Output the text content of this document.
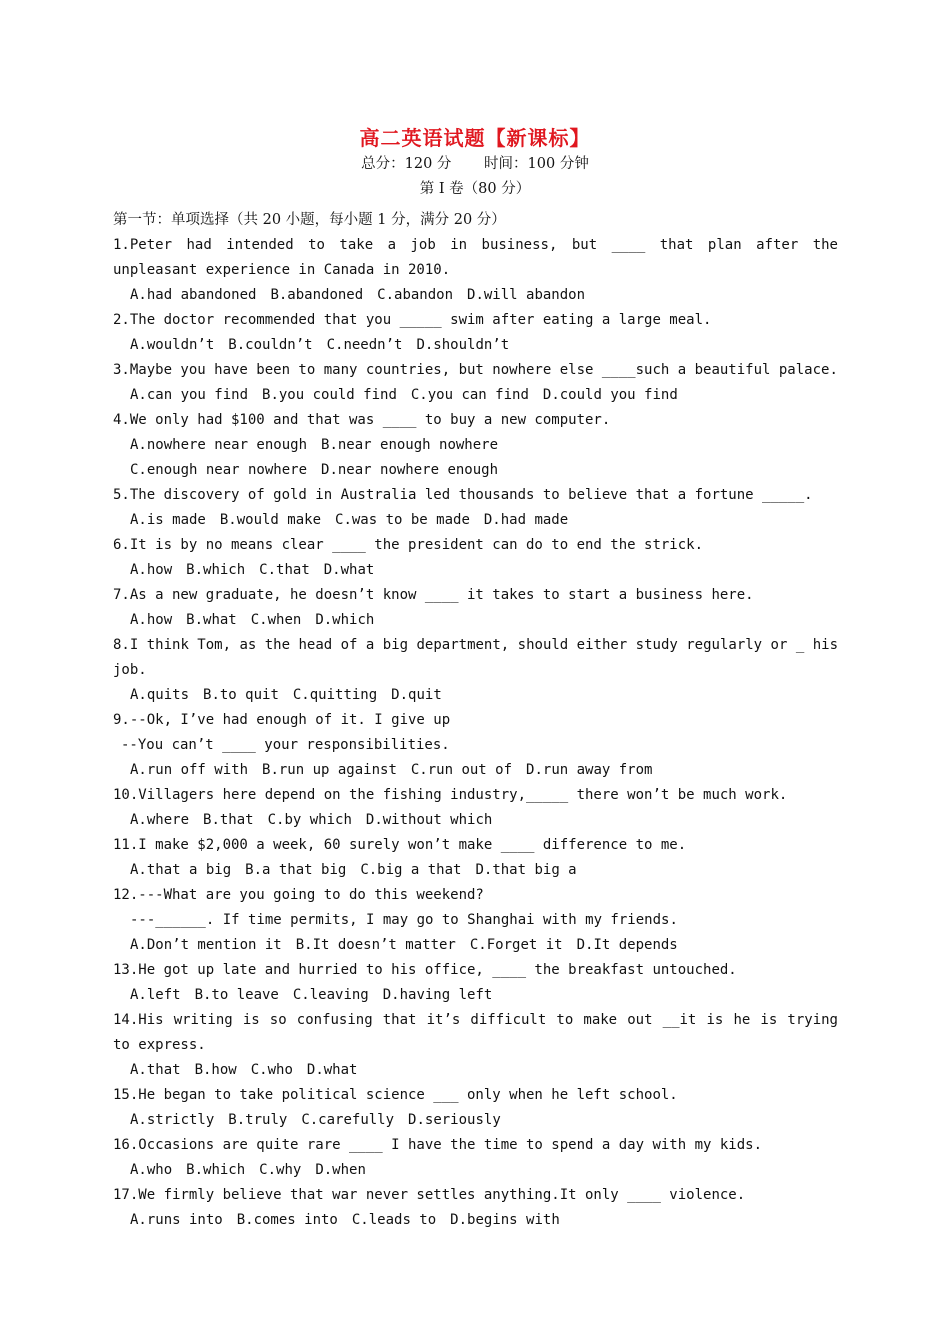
高二英语试题【新课标】
总分：120 分 时间：100 分钟
第 I 卷（80 分）
第一节：单项选择（共 20 小题，每小题 1 分，满分 20 分）
1.Peter had intended to take a job in business, but ____ that plan after the
unpleasant experience in Canada in 2010.
A.had abandoned B.abandoned C.abandon D.will abandon
2.The doctor recommended that you _____ swim after eating a large meal.
A.wouldn’t B.couldn’t C.needn’t D.shouldn’t
3.Maybe you have been to many countries, but nowhere else ____such a beautiful palace.
A.can you find B.you could find C.you can find D.could you find
4.We only had $100 and that was ____ to buy a new computer.
A.nowhere near enough B.near enough nowhere
C.enough near nowhere D.near nowhere enough
5.The discovery of gold in Australia led thousands to believe that a fortune _____.
A.is made B.would make C.was to be made D.had made
6.It is by no means clear ____ the president can do to end the strick.
A.how B.which C.that D.what
7.As a new graduate, he doesn’t know ____ it takes to start a business here.
A.how B.what C.when D.which
8.I think Tom, as the head of a big department, should either study regularly or _ his
job.
A.quits B.to quit C.quitting D.quit
9.--Ok, I’ve had enough of it. I give up
--You can’t ____ your responsibilities.
A.run off with B.run up against C.run out of D.run away from
10.Villagers here depend on the fishing industry,_____ there won’t be much work.
A.where B.that C.by which D.without which
11.I make $2,000 a week, 60 surely won’t make ____ difference to me.
A.that a big B.a that big C.big a that D.that big a
12.---What are you going to do this weekend?
---______. If time permits, I may go to Shanghai with my friends.
A.Don’t mention it B.It doesn’t matter C.Forget it D.It depends
13.He got up late and hurried to his office, ____ the breakfast untouched.
A.left B.to leave C.leaving D.having left
14.His writing is so confusing that it’s difficult to make out __it is he is trying
to express.
A.that B.how C.who D.what
15.He began to take political science ___ only when he left school.
A.strictly B.truly C.carefully D.seriously
16.Occasions are quite rare ____ I have the time to spend a day with my kids.
A.who B.which C.why D.when
17.We firmly believe that war never settles anything.It only ____ violence.
A.runs into B.comes into C.leads to D.begins with
